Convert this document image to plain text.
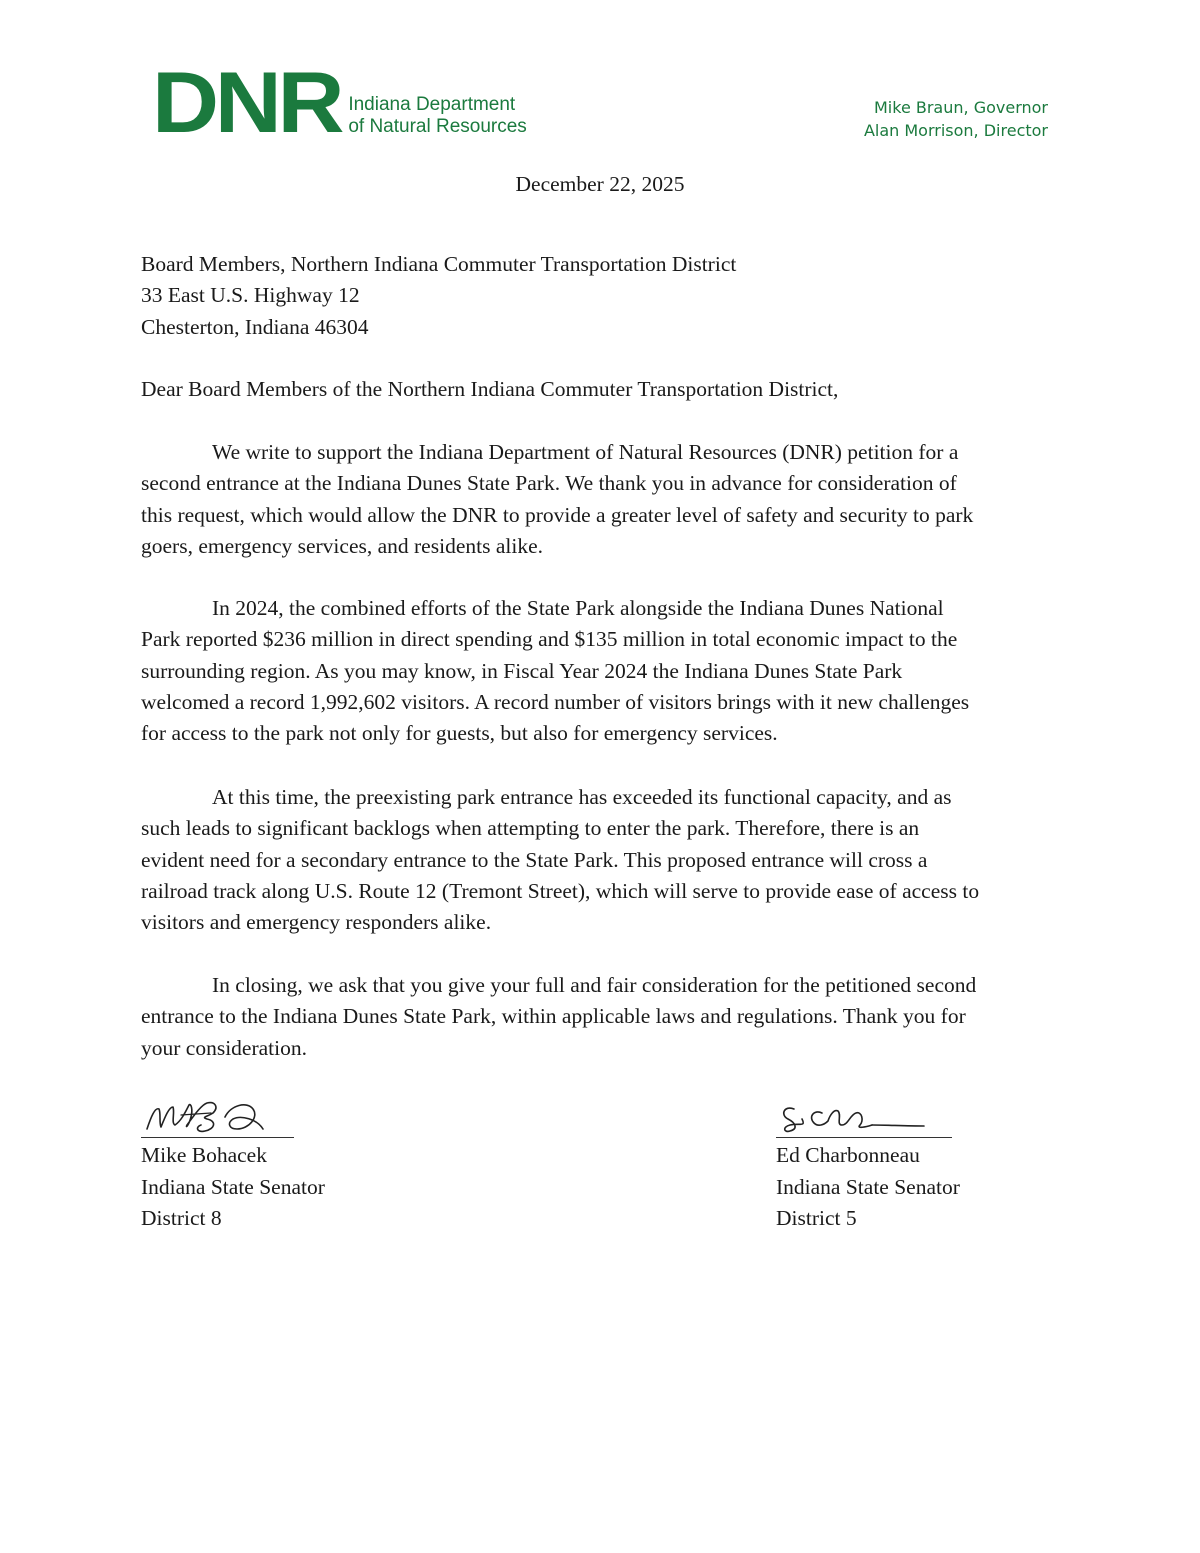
DNR Indiana Department
of Natural Resources
Mike Braun, Governor
Alan Morrison, Director
December 22, 2025
Board Members, Northern Indiana Commuter Transportation District
33 East U.S. Highway 12
Chesterton, Indiana 46304
Dear Board Members of the Northern Indiana Commuter Transportation District,
We write to support the Indiana Department of Natural Resources (DNR) petition for a
second entrance at the Indiana Dunes State Park. We thank you in advance for consideration of
this request, which would allow the DNR to provide a greater level of safety and security to park
goers, emergency services, and residents alike.
In 2024, the combined efforts of the State Park alongside the Indiana Dunes National
Park reported $236 million in direct spending and $135 million in total economic impact to the
surrounding region. As you may know, in Fiscal Year 2024 the Indiana Dunes State Park
welcomed a record 1,992,602 visitors. A record number of visitors brings with it new challenges
for access to the park not only for guests, but also for emergency services.
At this time, the preexisting park entrance has exceeded its functional capacity, and as
such leads to significant backlogs when attempting to enter the park. Therefore, there is an
evident need for a secondary entrance to the State Park. This proposed entrance will cross a
railroad track along U.S. Route 12 (Tremont Street), which will serve to provide ease of access to
visitors and emergency responders alike.
In closing, we ask that you give your full and fair consideration for the petitioned second
entrance to the Indiana Dunes State Park, within applicable laws and regulations. Thank you for
your consideration.
Mike Bohacek
Indiana State Senator
District 8
Ed Charbonneau
Indiana State Senator
District 5
